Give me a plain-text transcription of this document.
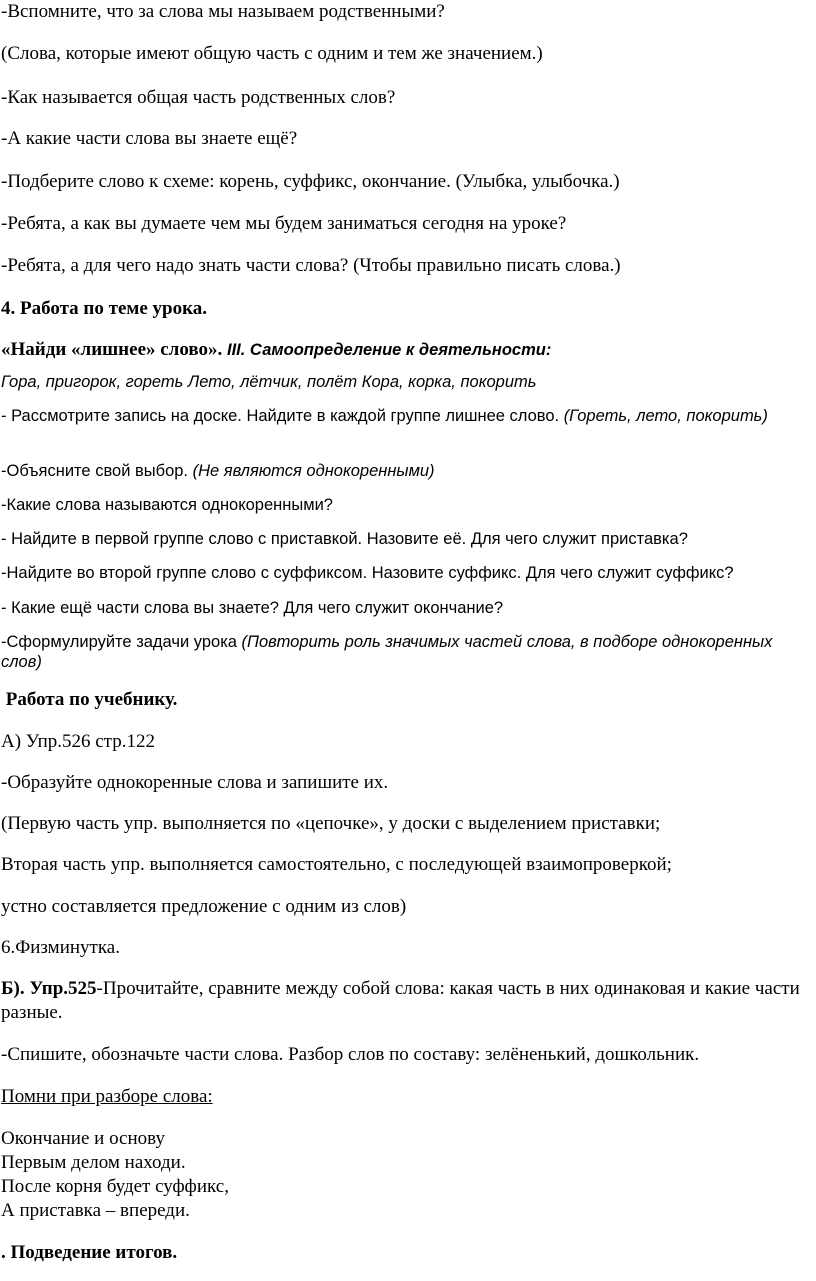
-Вспомните, что за слова мы называем родственными?

(Слова, которые имеют общую часть с одним и тем же значением.)

-Как называется общая часть родственных слов?

-А какие части слова вы знаете ещё?

-Подберите слово к схеме: корень, суффикс, окончание. (Улыбка, улыбочка.)

-Ребята, а как вы думаете чем мы будем заниматься сегодня на уроке?

-Ребята, а для чего надо знать части слова? (Чтобы правильно писать слова.)

4. Работа по теме урока.

«Найди «лишнее» слово». III. Самоопределение к деятельности:

Гора, пригорок, гореть Лето, лётчик, полёт Кора, корка, покорить

- Рассмотрите запись на доске. Найдите в каждой группе лишнее слово. (Гореть, лето, покорить)

-Объясните свой выбор. (Не являются однокоренными)

-Какие слова называются однокоренными?

- Найдите в первой группе слово с приставкой. Назовите её. Для чего служит приставка?

-Найдите во второй группе слово с суффиксом. Назовите суффикс. Для чего служит суффикс?

- Какие ещё части слова вы знаете? Для чего служит окончание?

-Сформулируйте задачи урока (Повторить роль значимых частей слова, в подборе однокоренных слов)

Работа по учебнику.

А) Упр.526 стр.122

-Образуйте однокоренные слова и запишите их.

(Первую часть упр. выполняется по «цепочке», у доски с выделением приставки;

Вторая часть упр. выполняется самостоятельно, с последующей взаимопроверкой;

устно составляется предложение с одним из слов)

6.Физминутка.

Б). Упр.525-Прочитайте, сравните между собой слова: какая часть в них одинаковая и какие части разные.

-Спишите, обозначьте части слова. Разбор слов по составу: зелёненький, дошкольник.

Помни при разборе слова:

Окончание и основу

Первым делом находи.

После корня будет суффикс,

А приставка – впереди.

. Подведение итогов.
